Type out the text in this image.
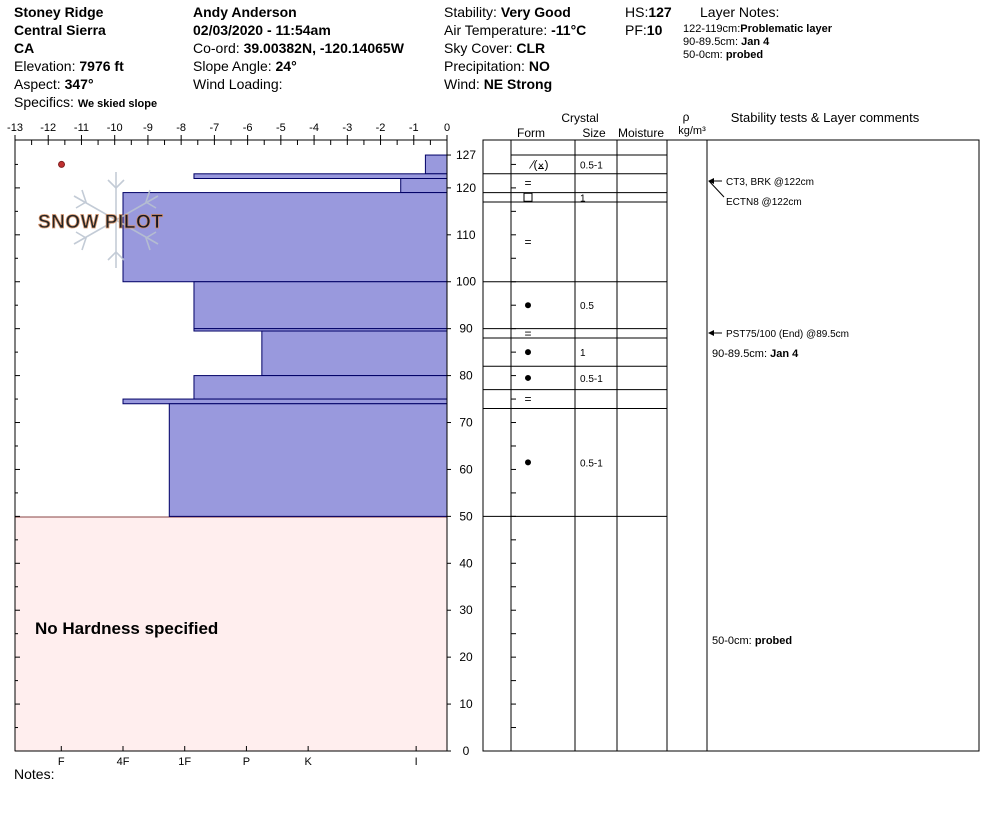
Stoney Ridge
Central Sierra
CA
Elevation: 7976 ft
Aspect: 347°
Specifics: We skied slope
Andy Anderson
02/03/2020 - 11:54am
Co-ord: 39.00382N, -120.14065W
Slope Angle: 24°
Wind Loading:
Stability: Very Good
Air Temperature: -11°C
Sky Cover: CLR
Precipitation: NO
Wind: NE Strong
HS:127
PF:10
Layer Notes:
122-119cm:Problematic layer
90-89.5cm: Jan 4
50-0cm: probed
No Hardness specified
SNOW PILOT
-13 -12 -11 -10 -9 -8 -7 -6 -5 -4 -3 -2 -1 0
I
K
P
1F
4F
F
0
10
20
30
40
50
60
70
80
90
100
110
120
127
Crystal
Form	Size Moisture
ρ
kg/m³
Stability tests & Layer comments
∕(⨱)	0.5-1
=
1
=
0.5
=
1
0.5-1
=
0.5-1
CT3, BRK @122cm
ECTN8 @122cm
PST75/100 (End) @89.5cm
90-89.5cm: Jan 4
50-0cm: probed
Notes:
